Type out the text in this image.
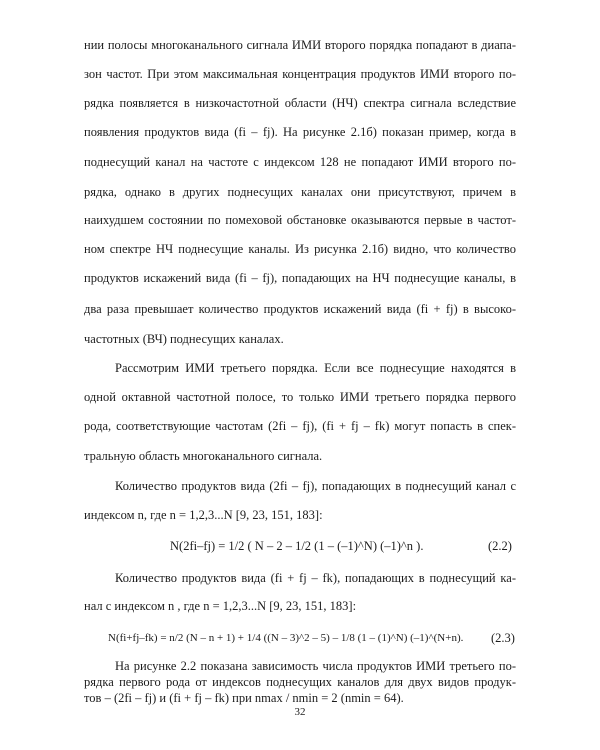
нии полосы многоканального сигнала ИМИ второго порядка попадают в диапа-
зон частот. При этом максимальная концентрация продуктов ИМИ второго по-
рядка появляется в низкочастотной области (НЧ) спектра сигнала вследствие
появления продуктов вида (fi – fj). На рисунке 2.1б) показан пример, когда в
поднесущий канал на частоте с индексом 128 не попадают ИМИ второго по-
рядка, однако в других поднесущих каналах они присутствуют, причем в
наихудшем состоянии по помеховой обстановке оказываются первые в частот-
ном спектре НЧ поднесущие каналы. Из рисунка 2.1б) видно, что количество
продуктов искажений вида (fi – fj), попадающих на НЧ поднесущие каналы, в
два раза превышает количество продуктов искажений вида (fi + fj) в высоко-
частотных (ВЧ) поднесущих каналах.
Рассмотрим ИМИ третьего порядка. Если все поднесущие находятся в
одной октавной частотной полосе, то только ИМИ третьего порядка первого
рода, соответствующие частотам (2fi – fj), (fi + fj – fk) могут попасть в спек-
тральную область многоканального сигнала.
Количество продуктов вида (2fi – fj), попадающих в поднесущий канал с
индексом n, где n = 1,2,3...N [9, 23, 151, 183]:
N(2fi–fj) = 1/2 ( N – 2 – 1/2 (1 – (–1)^N) (–1)^n ).	(2.2)
Количество продуктов вида (fi + fj – fk), попадающих в поднесущий ка-
нал с индексом n , где n = 1,2,3...N [9, 23, 151, 183]:
N(fi+fj–fk) = n/2 (N – n + 1) + 1/4 ((N – 3)^2 – 5) – 1/8 (1 – (1)^N) (–1)^(N+n). (2.3)
На рисунке 2.2 показана зависимость числа продуктов ИМИ третьего по-
рядка первого рода от индексов поднесущих каналов для двух видов продук-
32
тов – (2fi – fj) и (fi + fj – fk) при nmax / nmin = 2 (nmin = 64).
